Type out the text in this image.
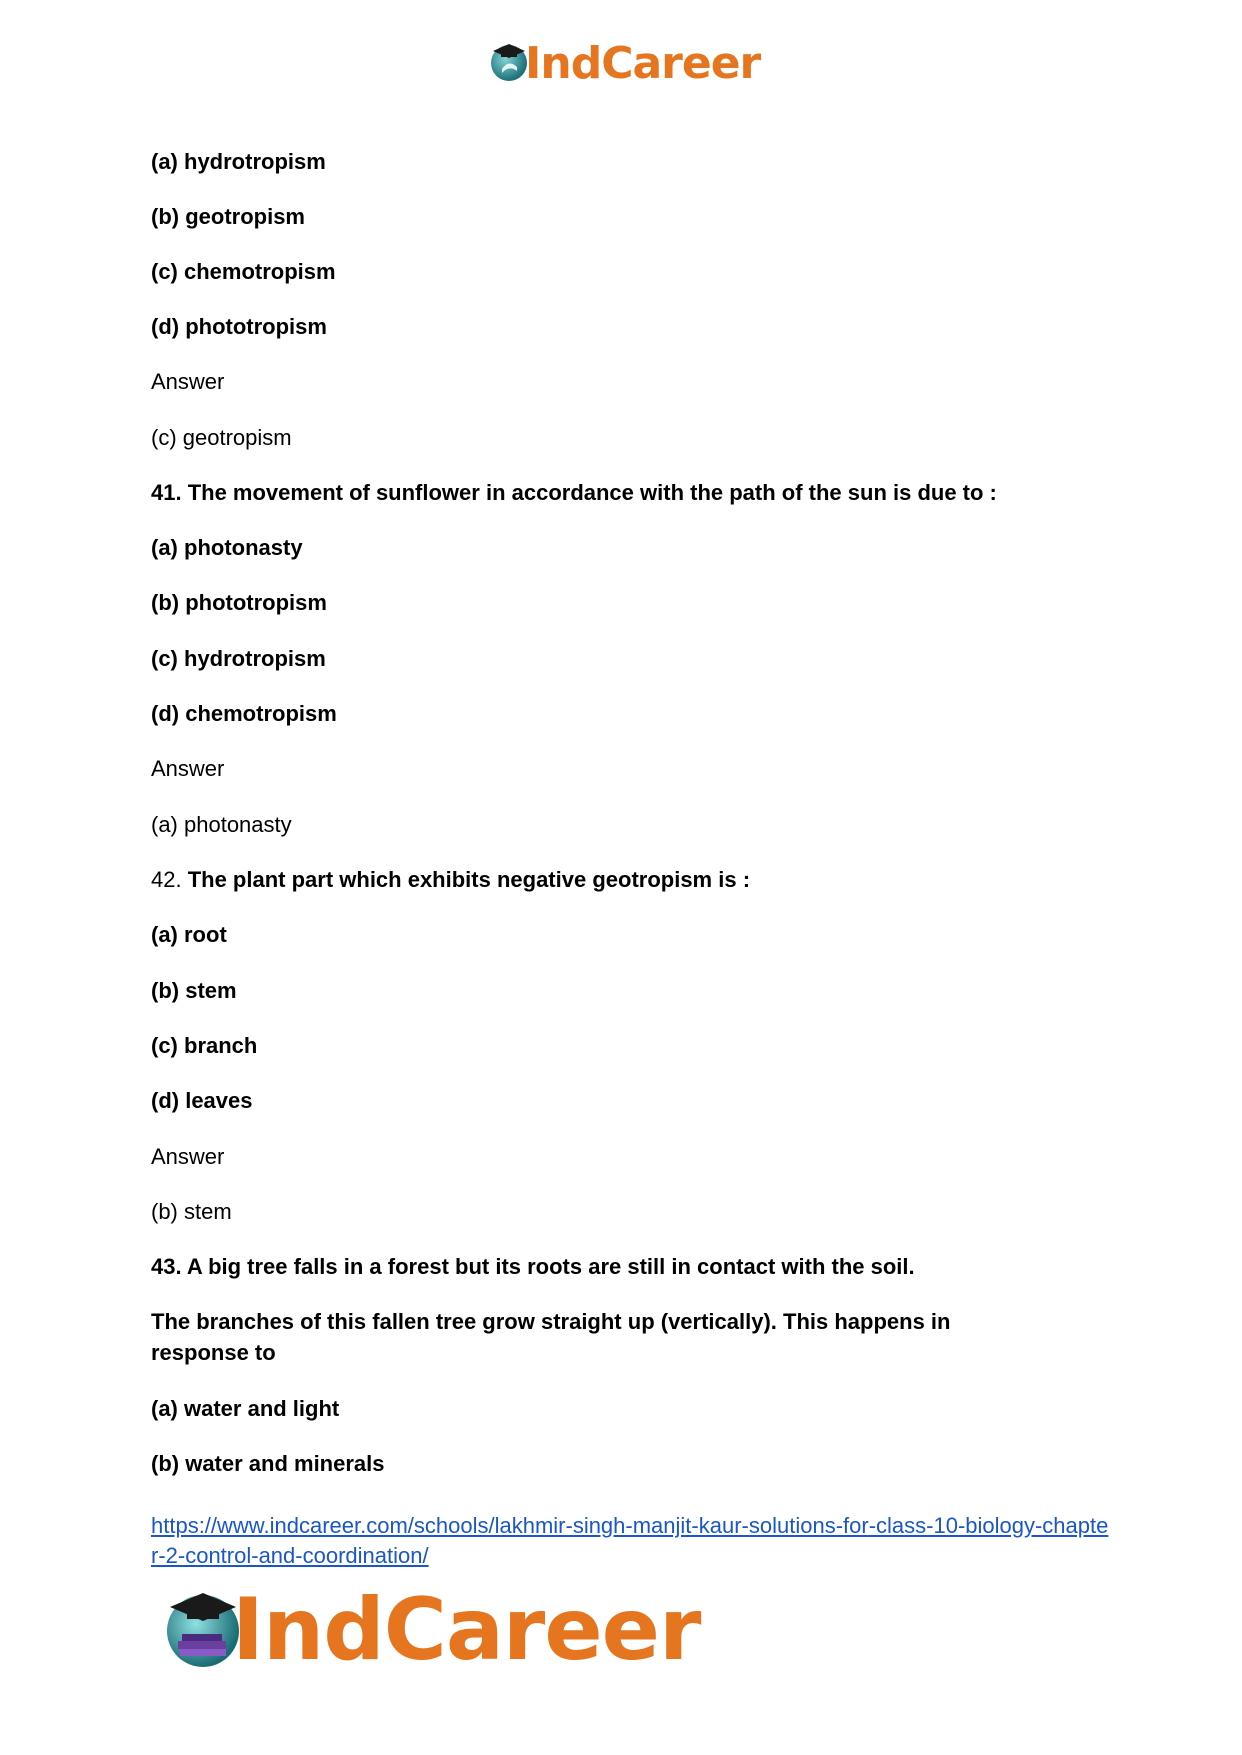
IndCareer
(a) hydrotropism
(b) geotropism
(c) chemotropism
(d) phototropism
Answer
(c) geotropism
41. The movement of sunflower in accordance with the path of the sun is due to :
(a) photonasty
(b) phototropism
(c) hydrotropism
(d) chemotropism
Answer
(a) photonasty
42. The plant part which exhibits negative geotropism is :
(a) root
(b) stem
(c) branch
(d) leaves
Answer
(b) stem
43. A big tree falls in a forest but its roots are still in contact with the soil.
The branches of this fallen tree grow straight up (vertically). This happens in response to
(a) water and light
(b) water and minerals
https://www.indcareer.com/schools/lakhmir-singh-manjit-kaur-solutions-for-class-10-biology-chapter-2-control-and-coordination/
IndCareer
